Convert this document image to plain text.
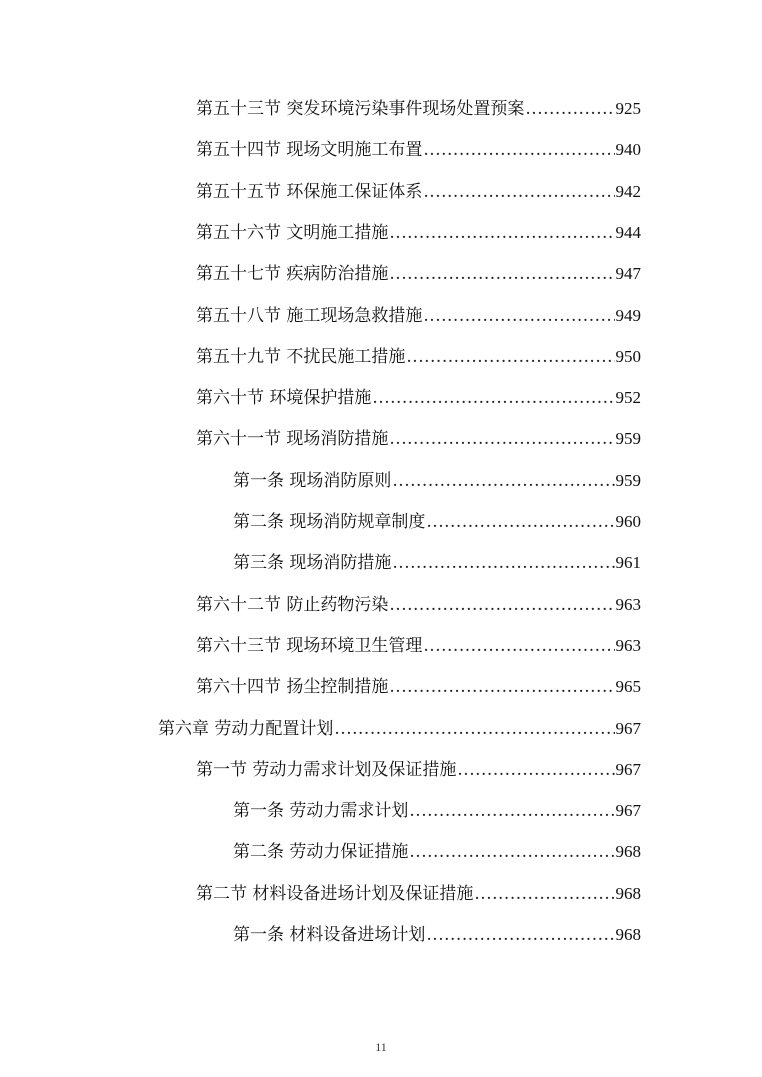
第五十三节 突发环境污染事件现场处置预案 .....	925
第五十四节 现场文明施工布置 .....	940
第五十五节 环保施工保证体系 .....	942
第五十六节 文明施工措施 .....	944
第五十七节 疾病防治措施 .....	947
第五十八节 施工现场急救措施 .....	949
第五十九节 不扰民施工措施 .....	950
第六十节 环境保护措施 .....	952
第六十一节 现场消防措施 .....	959
第一条 现场消防原则 .....	959
第二条 现场消防规章制度 .....	960
第三条 现场消防措施 .....	961
第六十二节 防止药物污染 .....	963
第六十三节 现场环境卫生管理 .....	963
第六十四节 扬尘控制措施 .....	965
第六章 劳动力配置计划 .....	967
第一节 劳动力需求计划及保证措施 .....	967
第一条 劳动力需求计划 .....	967
第二条 劳动力保证措施 .....	968
第二节 材料设备进场计划及保证措施 .....	968
第一条 材料设备进场计划 .....	968
11
